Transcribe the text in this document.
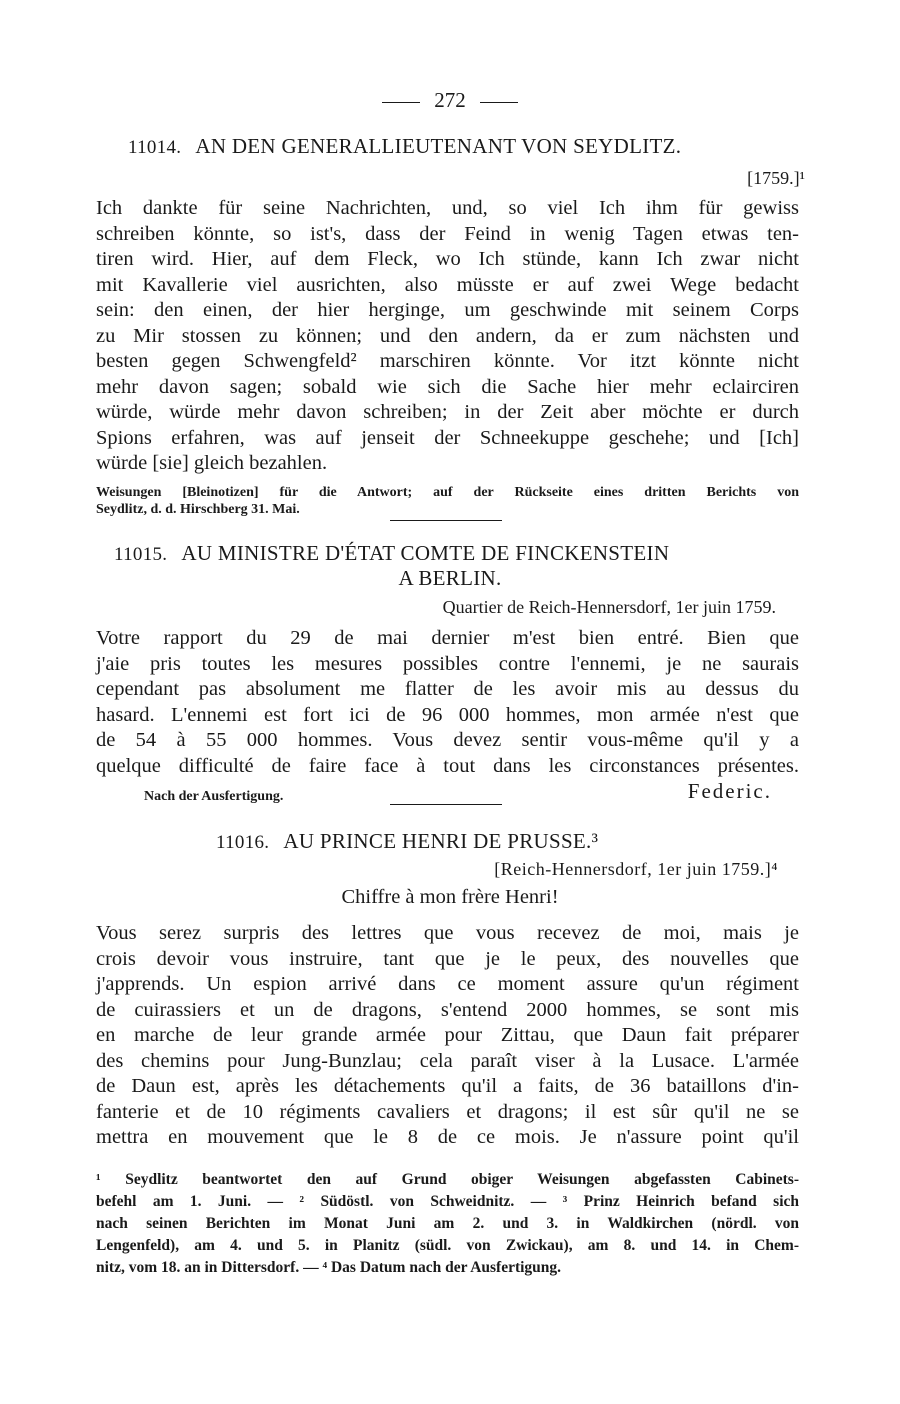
272
11014. AN DEN GENERALLIEUTENANT VON SEYDLITZ.
[1759.]¹
Ich dankte für seine Nachrichten, und, so viel Ich ihm für gewiss
schreiben könnte, so ist's, dass der Feind in wenig Tagen etwas ten-
tiren wird. Hier, auf dem Fleck, wo Ich stünde, kann Ich zwar nicht
mit Kavallerie viel ausrichten, also müsste er auf zwei Wege bedacht
sein: den einen, der hier herginge, um geschwinde mit seinem Corps
zu Mir stossen zu können; und den andern, da er zum nächsten und
besten gegen Schwengfeld² marschiren könnte. Vor itzt könnte nicht
mehr davon sagen; sobald wie sich die Sache hier mehr eclairciren
würde, würde mehr davon schreiben; in der Zeit aber möchte er durch
Spions erfahren, was auf jenseit der Schneekuppe geschehe; und [Ich]
würde [sie] gleich bezahlen.
Weisungen [Bleinotizen] für die Antwort; auf der Rückseite eines dritten Berichts von
Seydlitz, d. d. Hirschberg 31. Mai.
11015. AU MINISTRE D'ÉTAT COMTE DE FINCKENSTEIN
A BERLIN.
Quartier de Reich-Hennersdorf, 1er juin 1759.
Votre rapport du 29 de mai dernier m'est bien entré. Bien que
j'aie pris toutes les mesures possibles contre l'ennemi, je ne saurais
cependant pas absolument me flatter de les avoir mis au dessus du
hasard. L'ennemi est fort ici de 96 000 hommes, mon armée n'est que
de 54 à 55 000 hommes. Vous devez sentir vous-même qu'il y a
quelque difficulté de faire face à tout dans les circonstances présentes.
Nach der Ausfertigung.	Federic.
11016. AU PRINCE HENRI DE PRUSSE.³
[Reich-Hennersdorf, 1er juin 1759.]⁴
Chiffre à mon frère Henri!
Vous serez surpris des lettres que vous recevez de moi, mais je
crois devoir vous instruire, tant que je le peux, des nouvelles que
j'apprends. Un espion arrivé dans ce moment assure qu'un régiment
de cuirassiers et un de dragons, s'entend 2000 hommes, se sont mis
en marche de leur grande armée pour Zittau, que Daun fait préparer
des chemins pour Jung-Bunzlau; cela paraît viser à la Lusace. L'armée
de Daun est, après les détachements qu'il a faits, de 36 bataillons d'in-
fanterie et de 10 régiments cavaliers et dragons; il est sûr qu'il ne se
mettra en mouvement que le 8 de ce mois. Je n'assure point qu'il
¹ Seydlitz beantwortet den auf Grund obiger Weisungen abgefassten Cabinets-
befehl am 1. Juni. — ² Südöstl. von Schweidnitz. — ³ Prinz Heinrich befand sich
nach seinen Berichten im Monat Juni am 2. und 3. in Waldkirchen (nördl. von
Lengenfeld), am 4. und 5. in Planitz (südl. von Zwickau), am 8. und 14. in Chem-
nitz, vom 18. an in Dittersdorf. — ⁴ Das Datum nach der Ausfertigung.
